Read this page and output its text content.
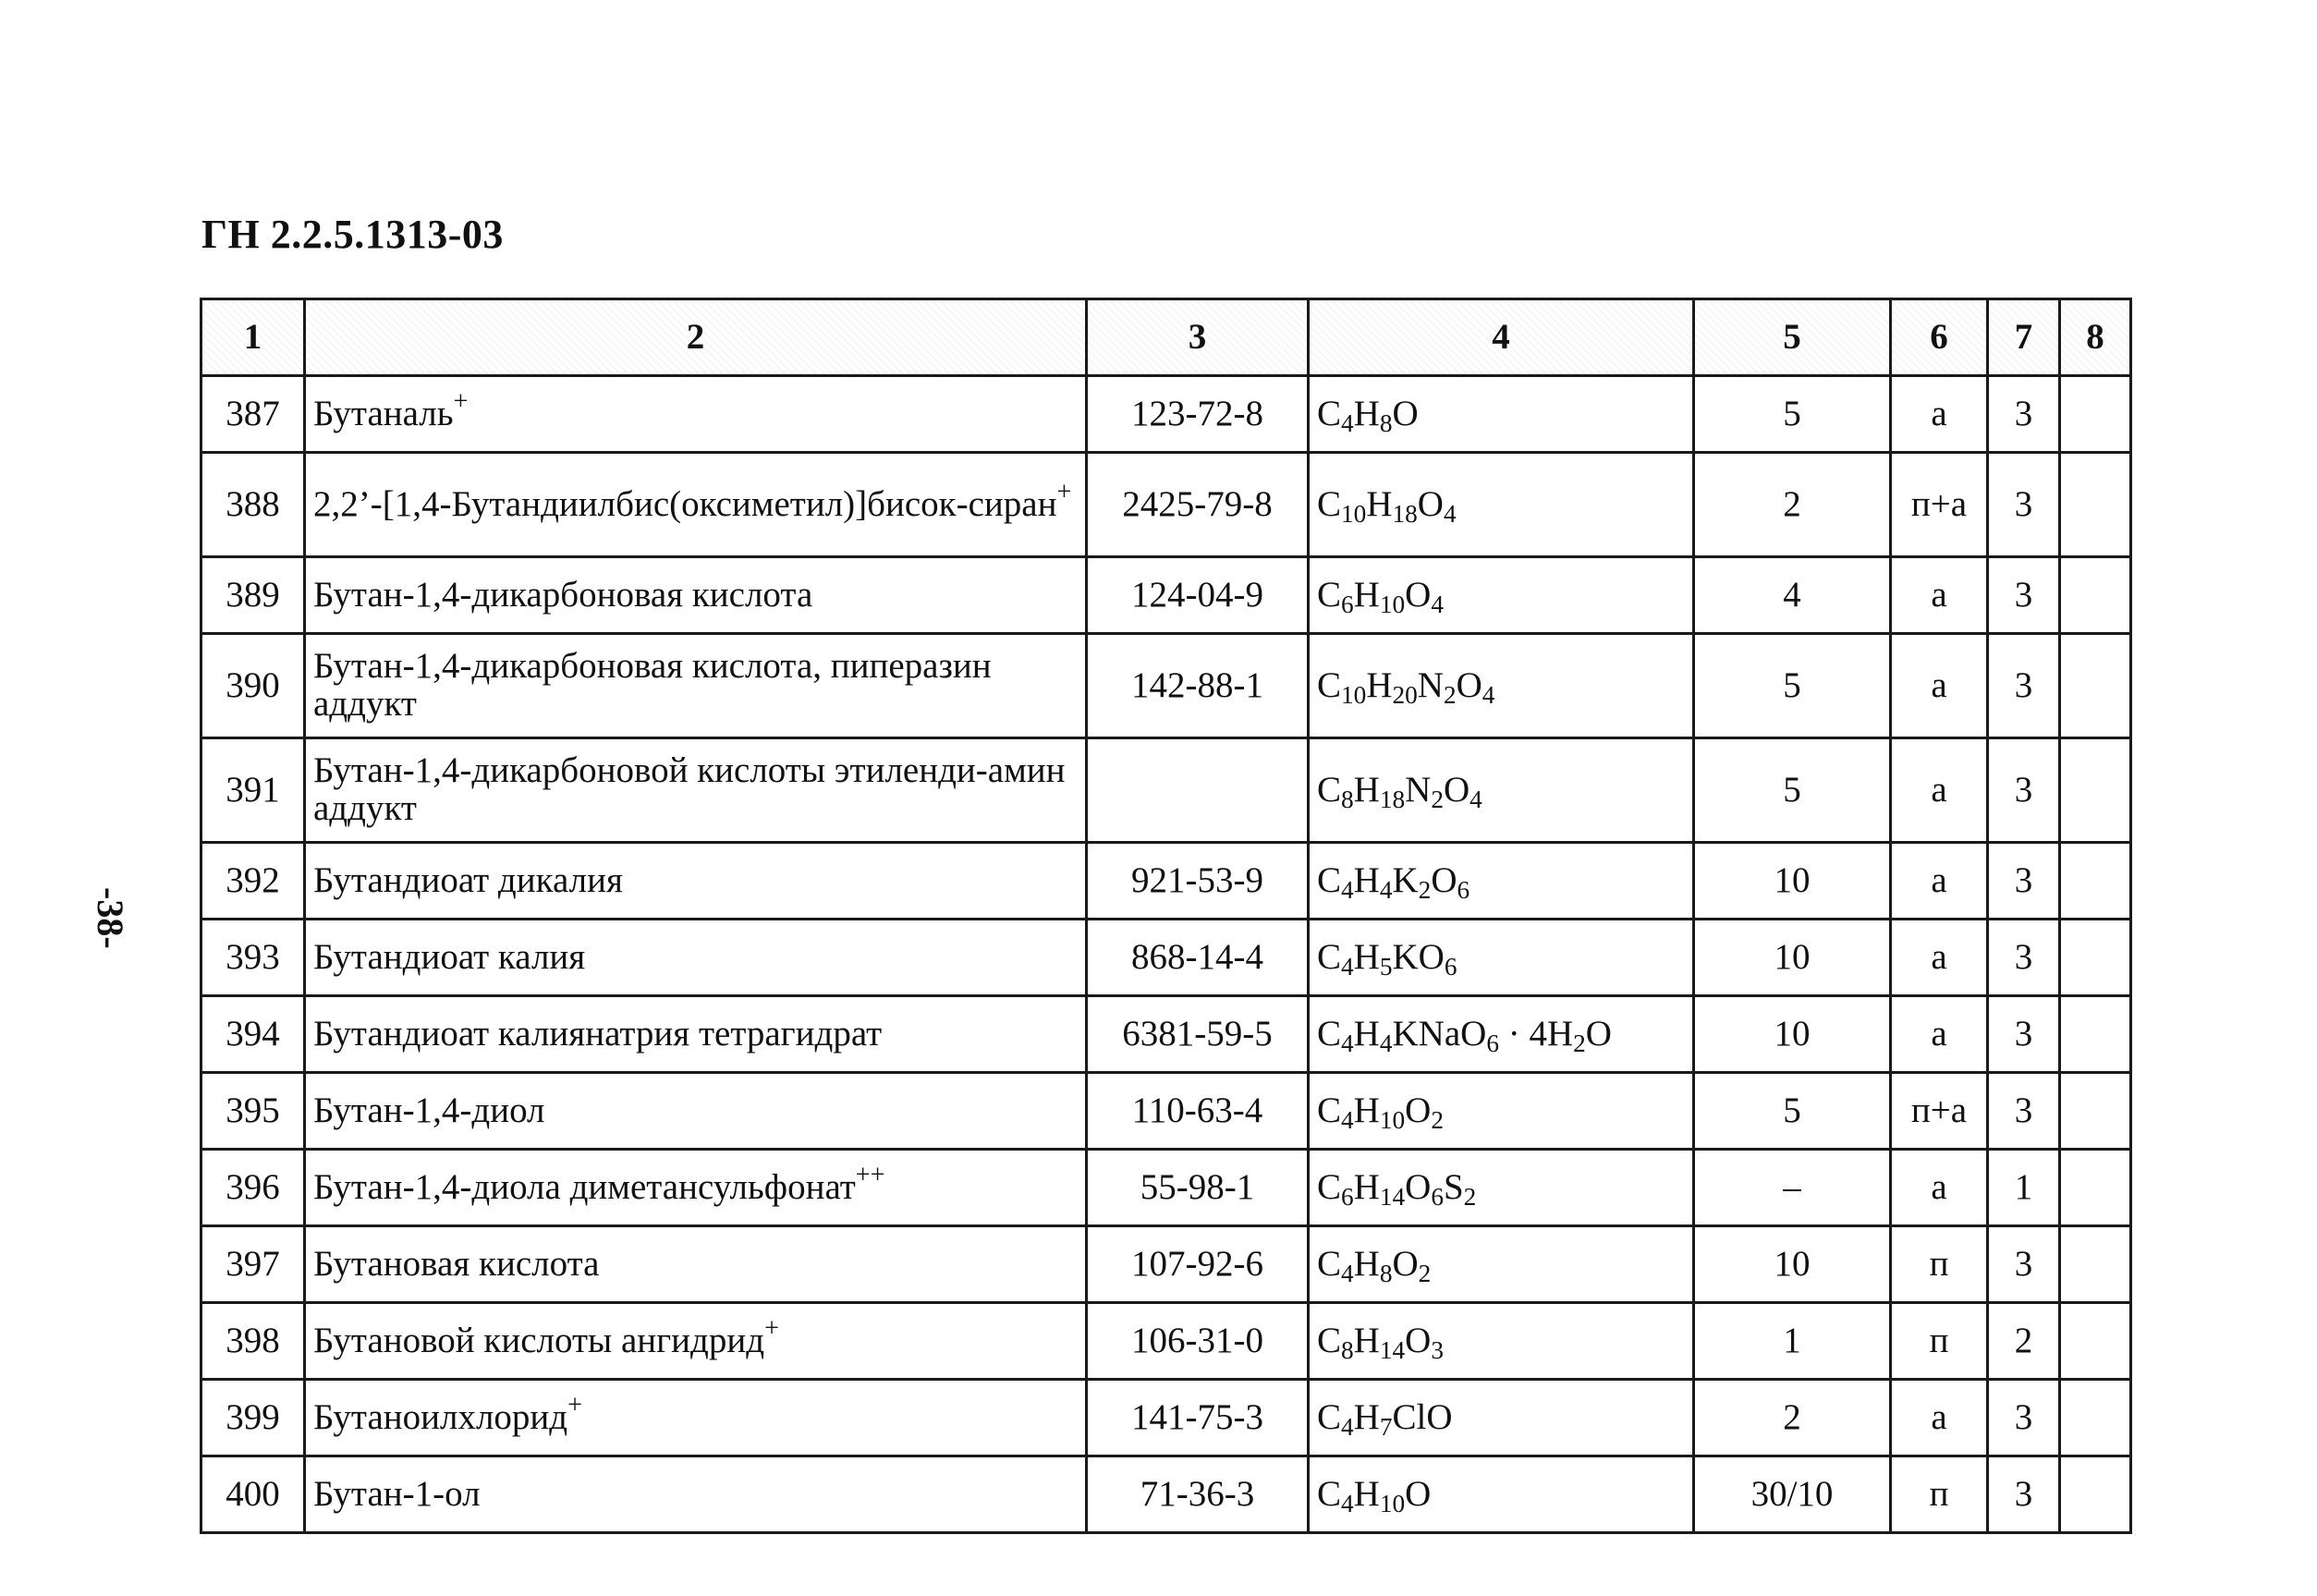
ГН 2.2.5.1313-03
-38-
1	2	3	4	5	6	7	8
387	Бутаналь+	123-72-8	$C_4H_8O$	5	а	3	
388	2,2’-[1,4-Бутандиилбис(оксиметил)]бисок-сиран+	2425-79-8	$C_{10}H_{18}O_4$	2	п+а	3	
389	Бутан-1,4-дикарбоновая кислота	124-04-9	$C_6H_{10}O_4$	4	а	3	
390	Бутан-1,4-дикарбоновая кислота, пиперазин аддукт	142-88-1	$C_{10}H_{20}N_2O_4$	5	а	3	
391	Бутан-1,4-дикарбоновой кислоты этиленди-амин аддукт		$C_8H_{18}N_2O_4$	5	а	3	
392	Бутандиоат дикалия	921-53-9	$C_4H_4K_2O_6$	10	а	3	
393	Бутандиоат калия	868-14-4	$C_4H_5KO_6$	10	а	3	
394	Бутандиоат калиянатрия тетрагидрат	6381-59-5	$C_4H_4KNaO_6 \cdot 4H_2O$	10	а	3	
395	Бутан-1,4-диол	110-63-4	$C_4H_{10}O_2$	5	п+а	3	
396	Бутан-1,4-диола диметансульфонат++	55-98-1	$C_6H_{14}O_6S_2$	–	а	1	
397	Бутановая кислота	107-92-6	$C_4H_8O_2$	10	п	3	
398	Бутановой кислоты ангидрид+	106-31-0	$C_8H_{14}O_3$	1	п	2	
399	Бутаноилхлорид+	141-75-3	$C_4H_7ClO$	2	а	3	
400	Бутан-1-ол	71-36-3	$C_4H_{10}O$	30/10	п	3	
